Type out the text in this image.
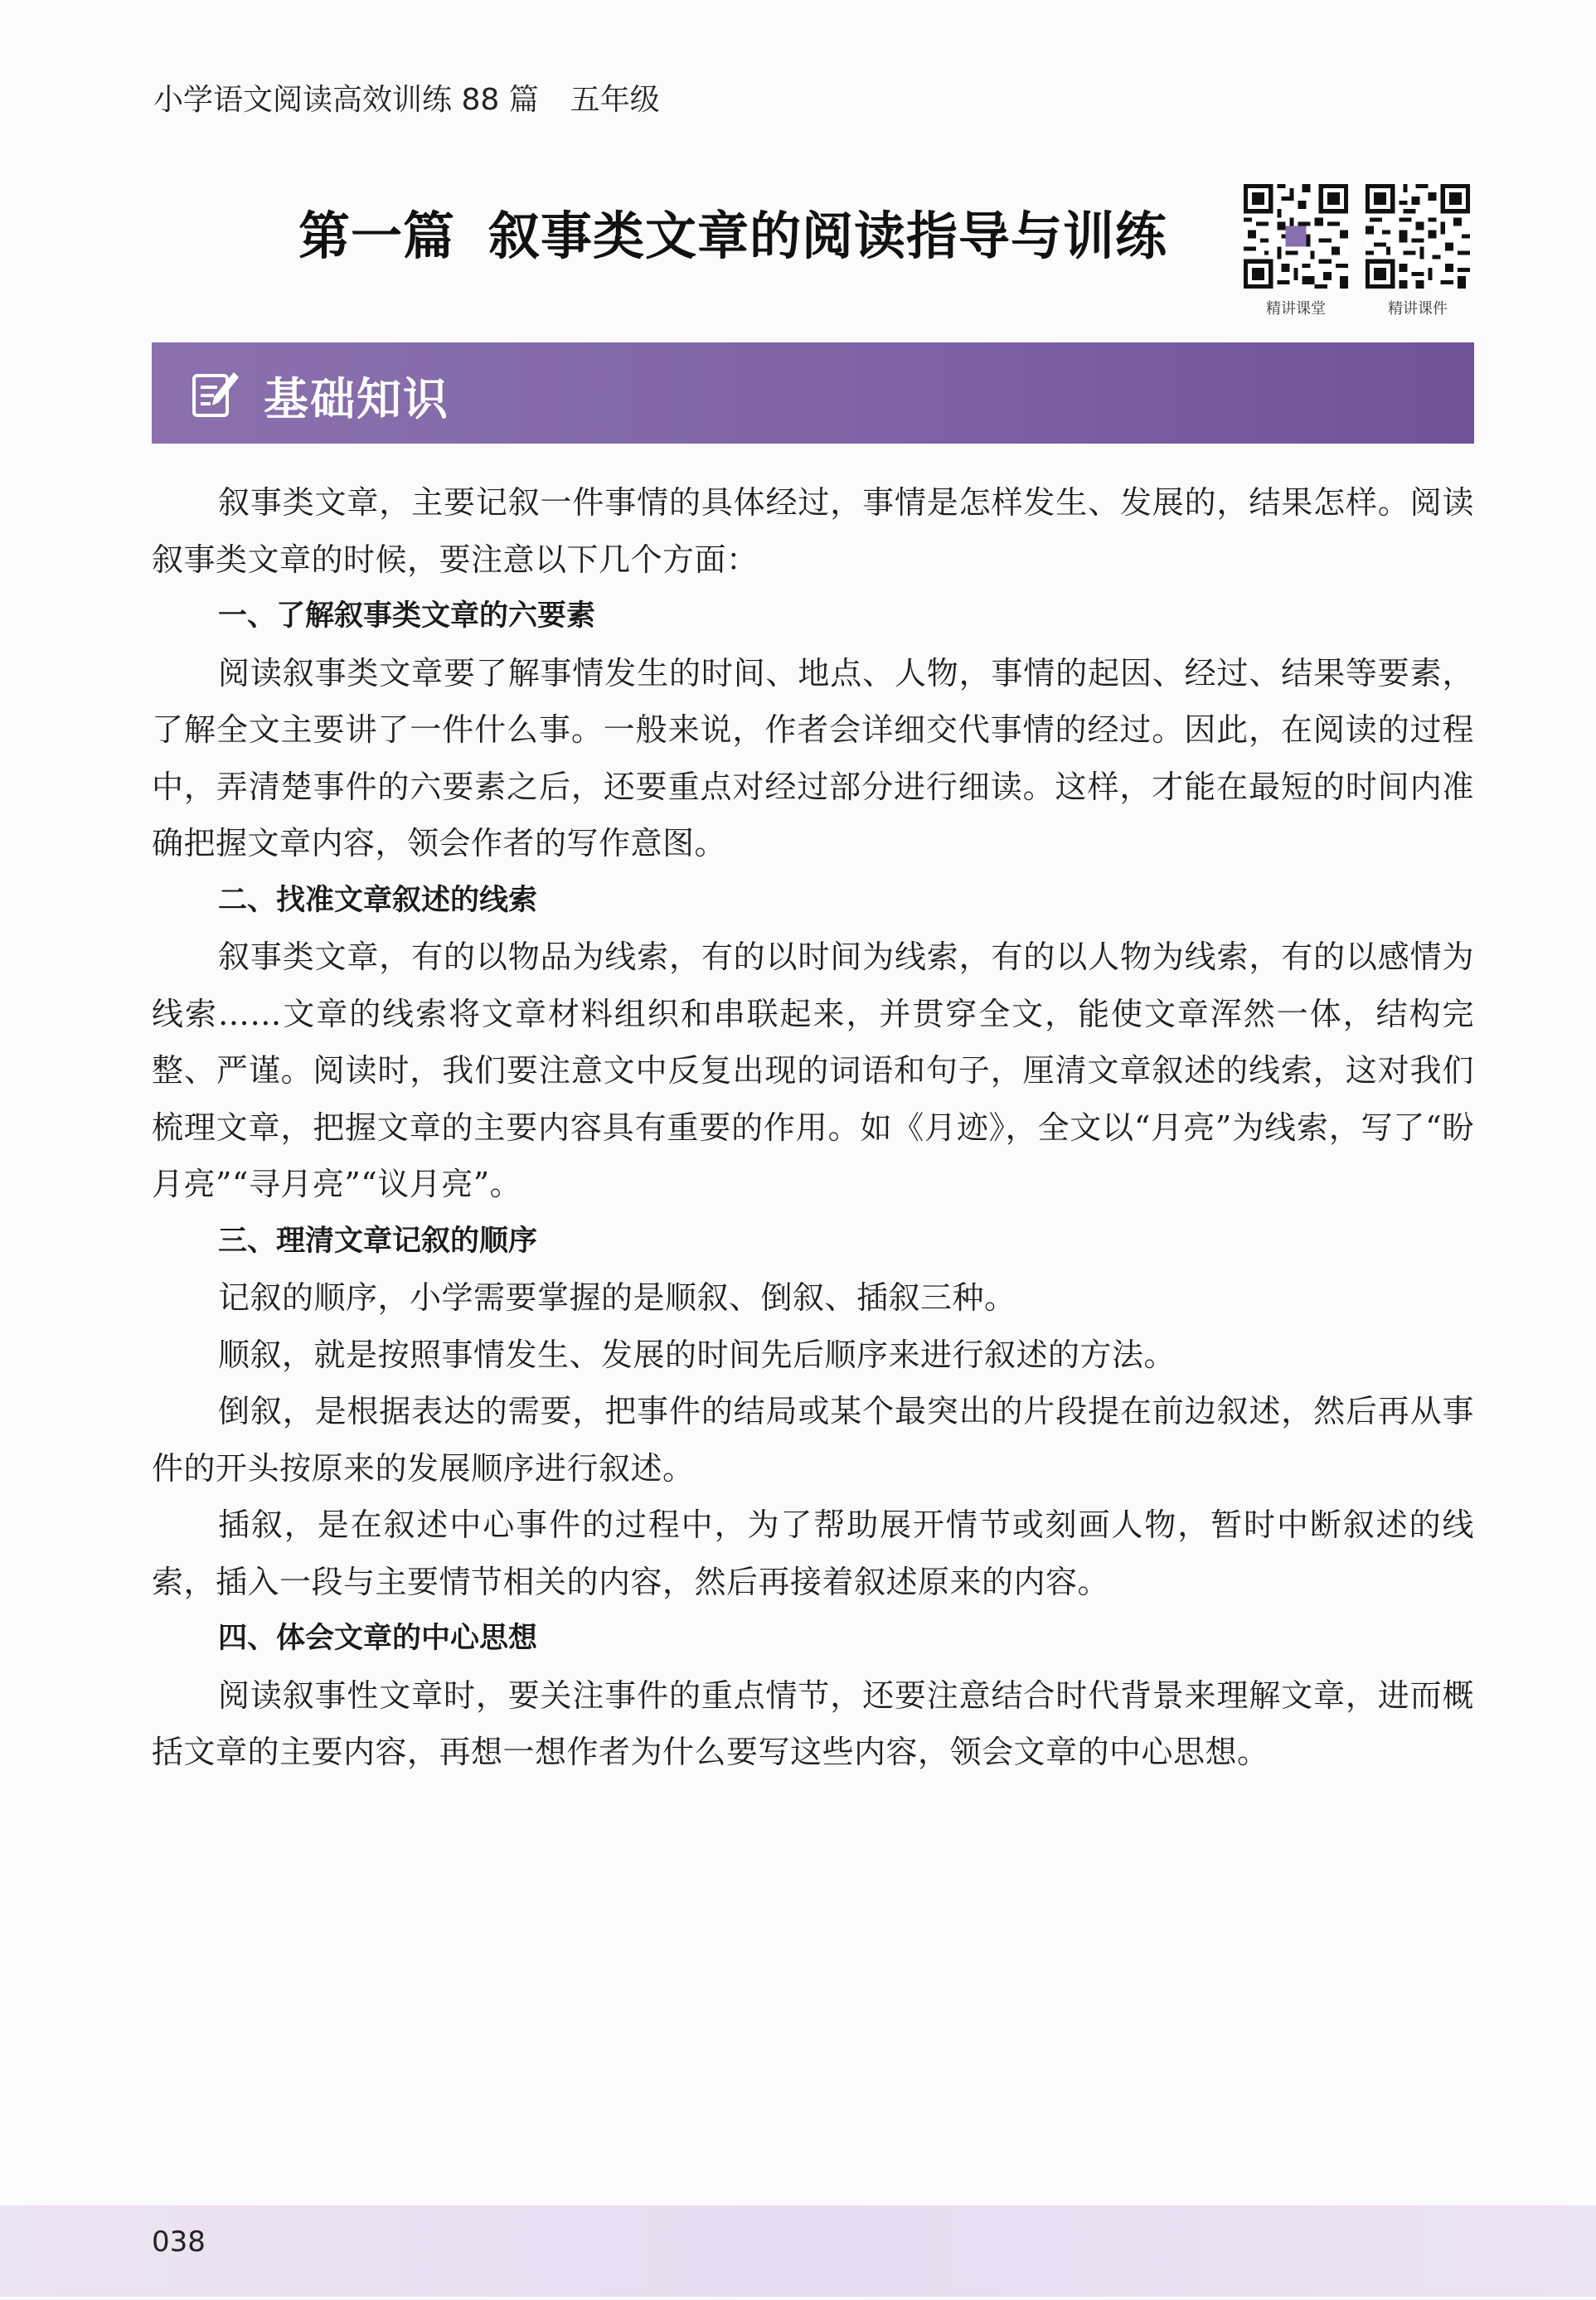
小学语文阅读高效训练 88 篇 五年级
第一篇 叙事类文章的阅读指导与训练
精讲课堂	精讲课件
基础知识

叙事类文章，主要记叙一件事情的具体经过，事情是怎样发生、发展的，结果怎样。阅读叙事类文章的时候，要注意以下几个方面：

一、了解叙事类文章的六要素

阅读叙事类文章要了解事情发生的时间、地点、人物，事情的起因、经过、结果等要素，了解全文主要讲了一件什么事。一般来说，作者会详细交代事情的经过。因此，在阅读的过程中，弄清楚事件的六要素之后，还要重点对经过部分进行细读。这样，才能在最短的时间内准确把握文章内容，领会作者的写作意图。

二、找准文章叙述的线索

叙事类文章，有的以物品为线索，有的以时间为线索，有的以人物为线索，有的以感情为线索……文章的线索将文章材料组织和串联起来，并贯穿全文，能使文章浑然一体，结构完整、严谨。阅读时，我们要注意文中反复出现的词语和句子，厘清文章叙述的线索，这对我们梳理文章，把握文章的主要内容具有重要的作用。如《月迹》，全文以“月亮”为线索，写了“盼月亮”“寻月亮”“议月亮”。

三、理清文章记叙的顺序

记叙的顺序，小学需要掌握的是顺叙、倒叙、插叙三种。

顺叙，就是按照事情发生、发展的时间先后顺序来进行叙述的方法。

倒叙，是根据表达的需要，把事件的结局或某个最突出的片段提在前边叙述，然后再从事件的开头按原来的发展顺序进行叙述。

插叙，是在叙述中心事件的过程中，为了帮助展开情节或刻画人物，暂时中断叙述的线索，插入一段与主要情节相关的内容，然后再接着叙述原来的内容。

四、体会文章的中心思想

阅读叙事性文章时，要关注事件的重点情节，还要注意结合时代背景来理解文章，进而概括文章的主要内容，再想一想作者为什么要写这些内容，领会文章的中心思想。

038
